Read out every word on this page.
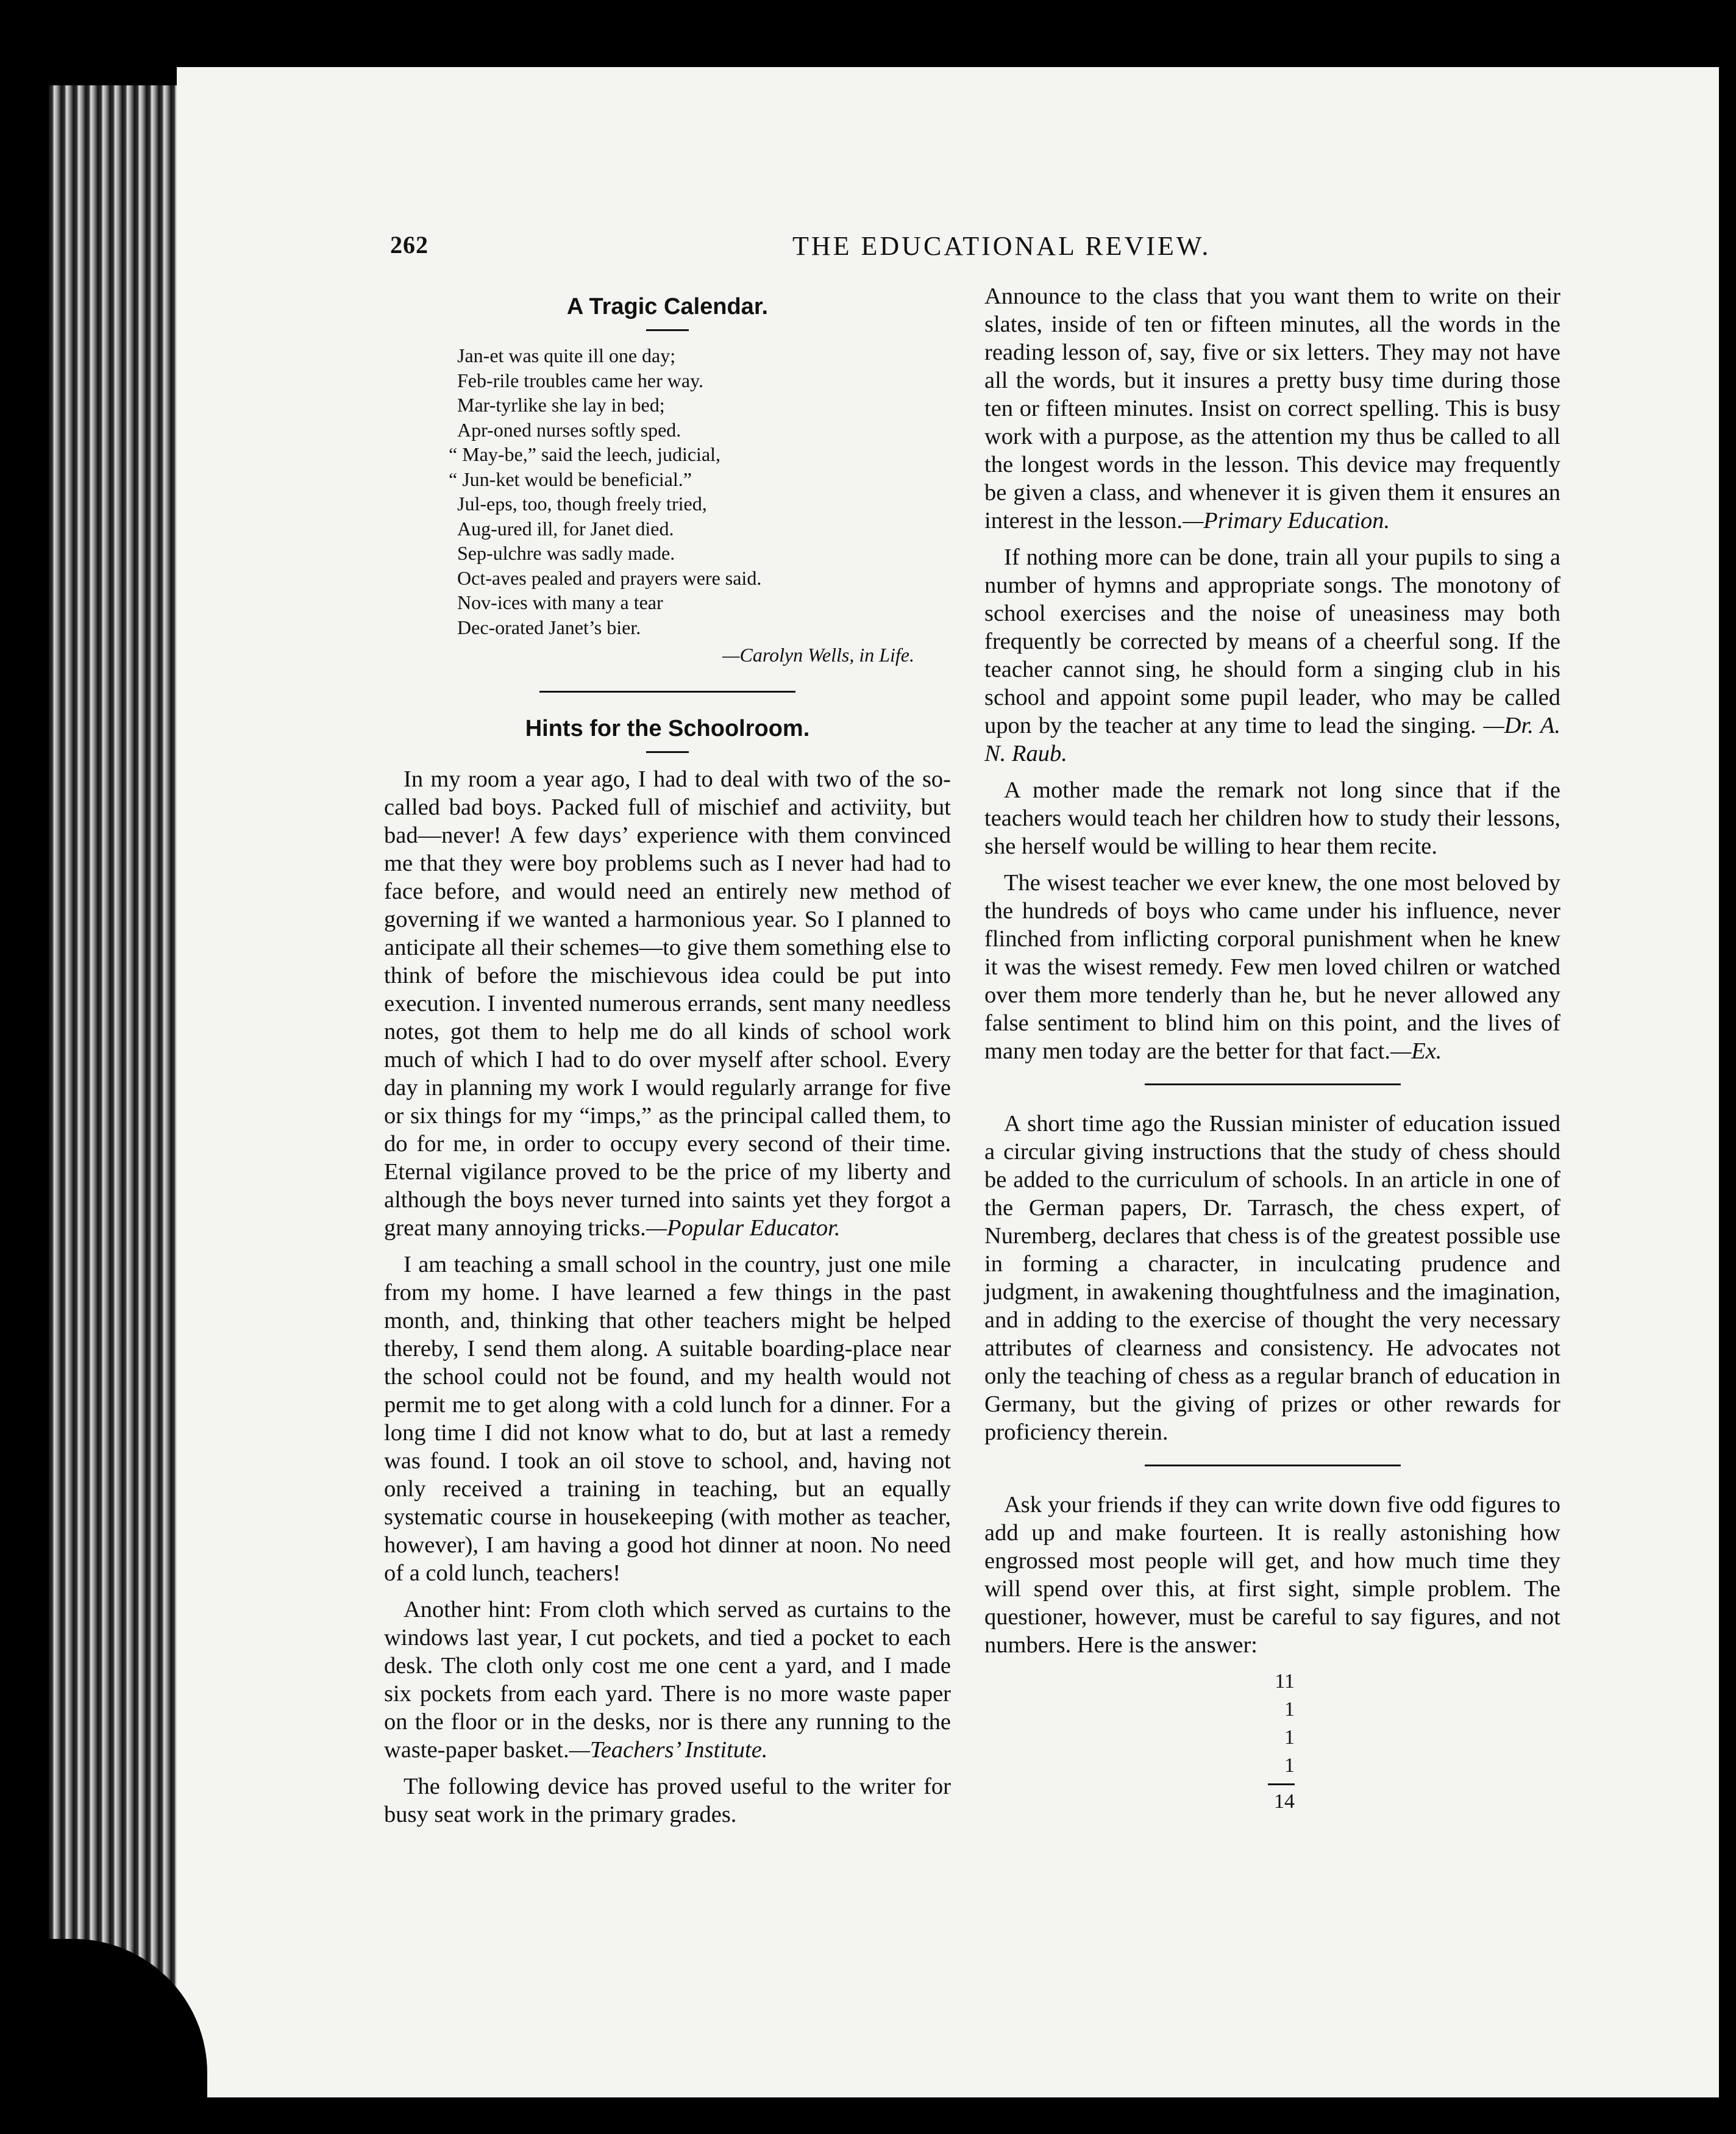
262	THE EDUCATIONAL REVIEW.
A Tragic Calendar.
Jan-et was quite ill one day;
Feb-rile troubles came her way.
Mar-tyrlike she lay in bed;
Apr-oned nurses softly sped.
“ May-be,” said the leech, judicial,
“ Jun-ket would be beneficial.”
Jul-eps, too, though freely tried,
Aug-ured ill, for Janet died.
Sep-ulchre was sadly made.
Oct-aves pealed and prayers were said.
Nov-ices with many a tear
Dec-orated Janet’s bier.
—Carolyn Wells, in Life.
Hints for the Schoolroom.

In my room a year ago, I had to deal with two of the so-called bad boys. Packed full of mischief and activiity, but bad—never! A few days’ experience with them convinced me that they were boy problems such as I never had had to face before, and would need an entirely new method of governing if we wanted a harmonious year. So I planned to anticipate all their schemes—to give them something else to think of before the mischievous idea could be put into execution. I invented numerous errands, sent many needless notes, got them to help me do all kinds of school work much of which I had to do over myself after school. Every day in planning my work I would regularly arrange for five or six things for my “imps,” as the principal called them, to do for me, in order to occupy every second of their time. Eternal vigilance proved to be the price of my liberty and although the boys never turned into saints yet they forgot a great many annoying tricks.—Popular Educator.

I am teaching a small school in the country, just one mile from my home. I have learned a few things in the past month, and, thinking that other teachers might be helped thereby, I send them along. A suitable boarding-place near the school could not be found, and my health would not permit me to get along with a cold lunch for a dinner. For a long time I did not know what to do, but at last a remedy was found. I took an oil stove to school, and, having not only received a training in teaching, but an equally systematic course in housekeeping (with mother as teacher, however), I am having a good hot dinner at noon. No need of a cold lunch, teachers!

Another hint: From cloth which served as curtains to the windows last year, I cut pockets, and tied a pocket to each desk. The cloth only cost me one cent a yard, and I made six pockets from each yard. There is no more waste paper on the floor or in the desks, nor is there any running to the waste-paper basket.—Teachers’ Institute.

The following device has proved useful to the writer for busy seat work in the primary grades.

Announce to the class that you want them to write on their slates, inside of ten or fifteen minutes, all the words in the reading lesson of, say, five or six letters. They may not have all the words, but it insures a pretty busy time during those ten or fifteen minutes. Insist on correct spelling. This is busy work with a purpose, as the attention my thus be called to all the longest words in the lesson. This device may frequently be given a class, and whenever it is given them it ensures an interest in the lesson.—Primary Education.

If nothing more can be done, train all your pupils to sing a number of hymns and appropriate songs. The monotony of school exercises and the noise of uneasiness may both frequently be corrected by means of a cheerful song. If the teacher cannot sing, he should form a singing club in his school and appoint some pupil leader, who may be called upon by the teacher at any time to lead the singing. —Dr. A. N. Raub.

A mother made the remark not long since that if the teachers would teach her children how to study their lessons, she herself would be willing to hear them recite.

The wisest teacher we ever knew, the one most beloved by the hundreds of boys who came under his influence, never flinched from inflicting corporal punishment when he knew it was the wisest remedy. Few men loved chilren or watched over them more tenderly than he, but he never allowed any false sentiment to blind him on this point, and the lives of many men today are the better for that fact.—Ex.

A short time ago the Russian minister of education issued a circular giving instructions that the study of chess should be added to the curriculum of schools. In an article in one of the German papers, Dr. Tarrasch, the chess expert, of Nuremberg, declares that chess is of the greatest possible use in forming a character, in inculcating prudence and judgment, in awakening thoughtfulness and the imagination, and in adding to the exercise of thought the very necessary attributes of clearness and consistency. He advocates not only the teaching of chess as a regular branch of education in Germany, but the giving of prizes or other rewards for proficiency therein.

Ask your friends if they can write down five odd figures to add up and make fourteen. It is really astonishing how engrossed most people will get, and how much time they will spend over this, at first sight, simple problem. The questioner, however, must be careful to say figures, and not numbers. Here is the answer:

11
1
1
1
14
